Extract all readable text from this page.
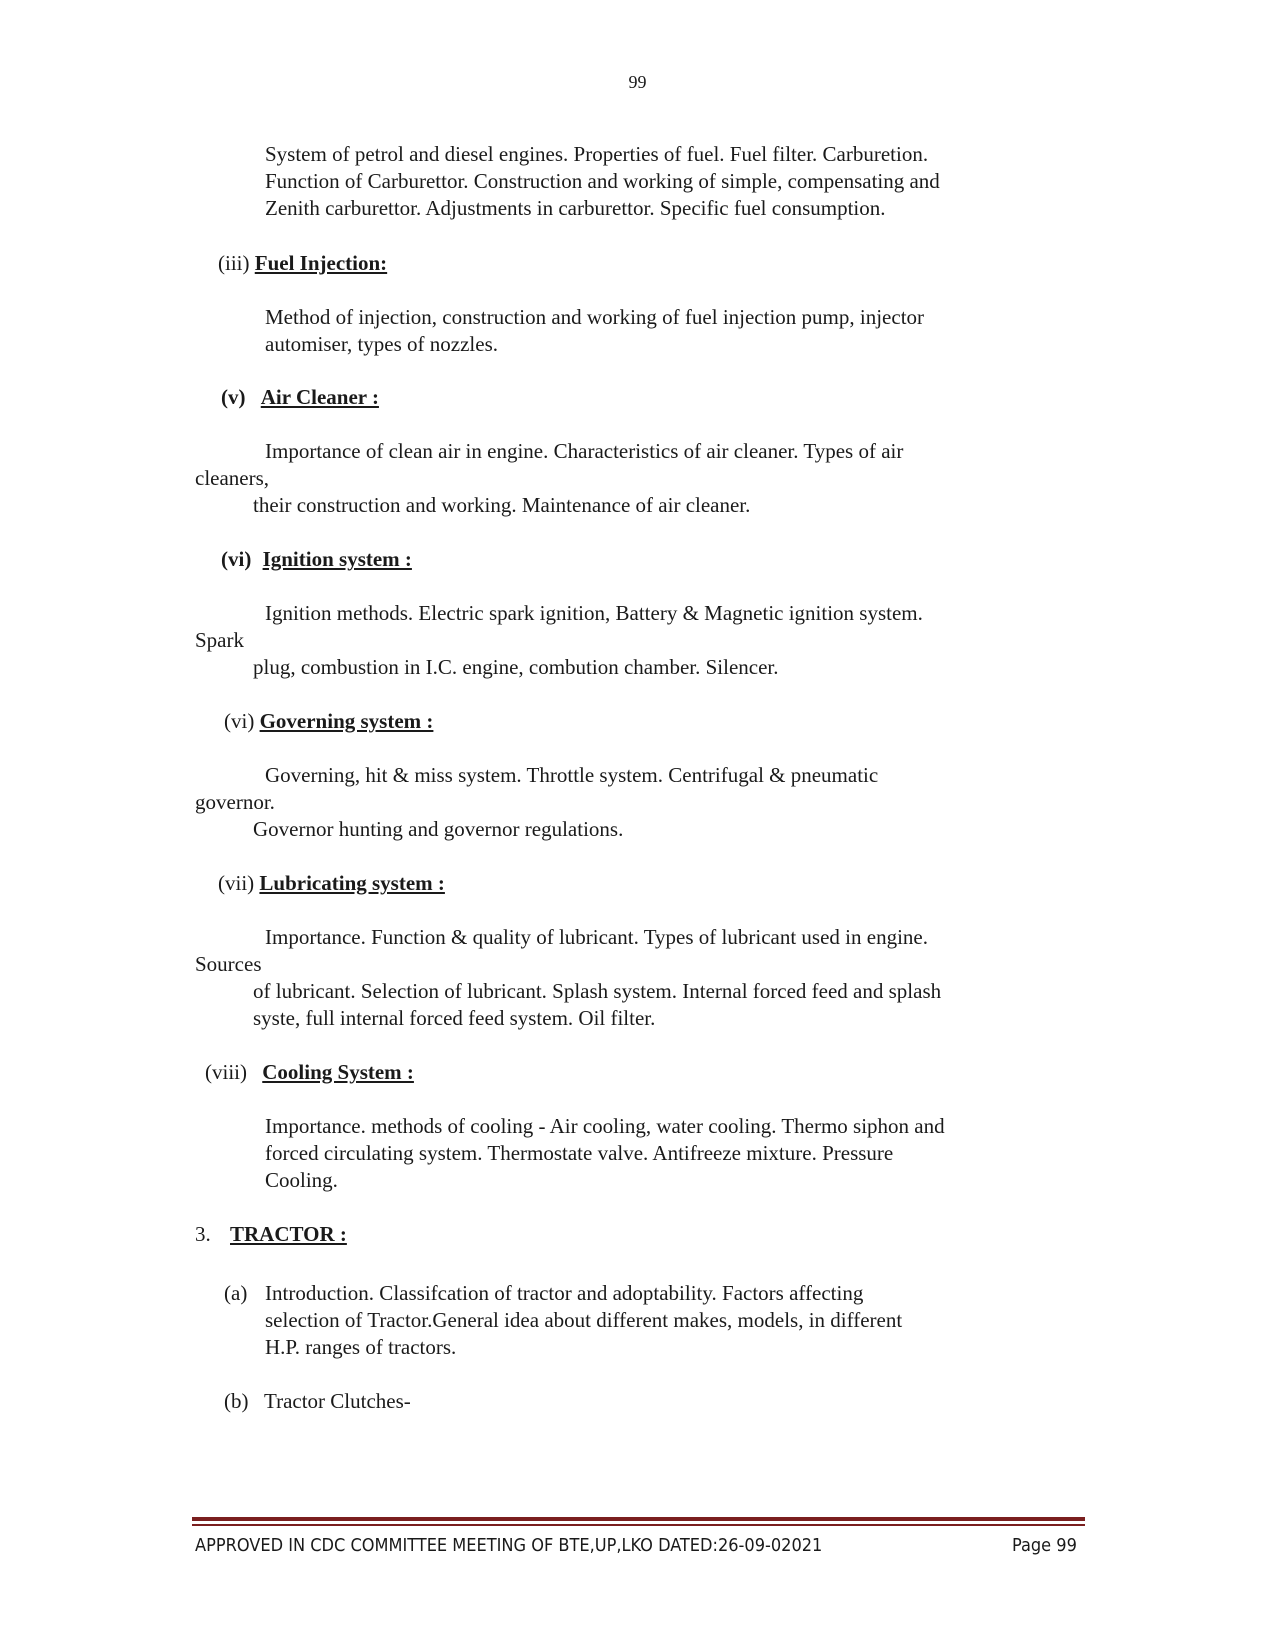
99
System of petrol and diesel engines. Properties of fuel. Fuel filter. Carburetion.
Function of Carburettor. Construction and working of simple, compensating and
Zenith carburettor. Adjustments in carburettor. Specific fuel consumption.
(iii) Fuel Injection:
Method of injection, construction and working of fuel injection pump, injector
automiser, types of nozzles.
(v) Air Cleaner :
Importance of clean air in engine. Characteristics of air cleaner. Types of air
cleaners,
their construction and working. Maintenance of air cleaner.
(vi) Ignition system :
Ignition methods. Electric spark ignition, Battery & Magnetic ignition system.
Spark
plug, combustion in I.C. engine, combution chamber. Silencer.
(vi) Governing system :
Governing, hit & miss system. Throttle system. Centrifugal & pneumatic
governor.
Governor hunting and governor regulations.
(vii) Lubricating system :
Importance. Function & quality of lubricant. Types of lubricant used in engine.
Sources
of lubricant. Selection of lubricant. Splash system. Internal forced feed and splash
syste, full internal forced feed system. Oil filter.
(viii) Cooling System :
Importance. methods of cooling - Air cooling, water cooling. Thermo siphon and
forced circulating system. Thermostate valve. Antifreeze mixture. Pressure
Cooling.
3. TRACTOR :
(a) Introduction. Classifcation of tractor and adoptability. Factors affecting
selection of Tractor.General idea about different makes, models, in different
H.P. ranges of tractors.
(b) Tractor Clutches-
APPROVED IN CDC COMMITTEE MEETING OF BTE,UP,LKO DATED:26-09-02021	Page 99
